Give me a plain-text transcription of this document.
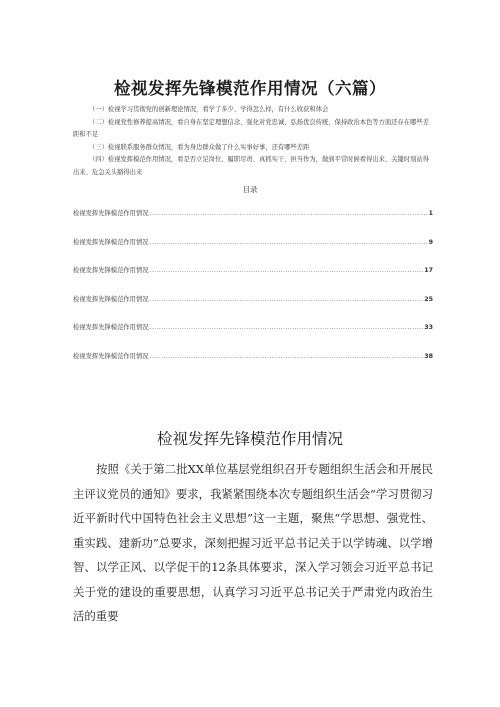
检视发挥先锋模范作用情况（六篇）

（一）检视学习贯彻党的创新理论情况，看学了多少、学得怎么样，有什么收获和体会

（二）检视党性修养提高情况，看自身在坚定理想信念、强化对党忠诚、弘扬优良传统、保持政治本色等方面还存在哪些差距和不足

（三）检视联系服务群众情况，看为身边群众做了什么实事好事，还有哪些差距

（四）检视发挥模范作用情况，看是否立足岗位、履职尽责、真抓实干、担当作为，做到平常时候看得出来、关键时刻站得出来、危急关头豁得出来

目录
检视发挥先锋模范作用情况 .....	1
检视发挥先锋模范作用情况 .....	9
检视发挥先锋模范作用情况 .....	17
检视发挥先锋模范作用情况 .....	25
检视发挥先锋模范作用情况 .....	33
检视发挥先锋模范作用情况 .....	38
检视发挥先锋模范作用情况

按照《关于第二批XX单位基层党组织召开专题组织生活会和开展民主评议党员的通知》要求，我紧紧围绕本次专题组织生活会“学习贯彻习近平新时代中国特色社会主义思想”这一主题，聚焦“学思想、强党性、重实践、建新功”总要求，深刻把握习近平总书记关于以学铸魂、以学增智、以学正风、以学促干的12条具体要求，深入学习领会习近平总书记关于党的建设的重要思想，认真学习习近平总书记关于严肃党内政治生活的重要
